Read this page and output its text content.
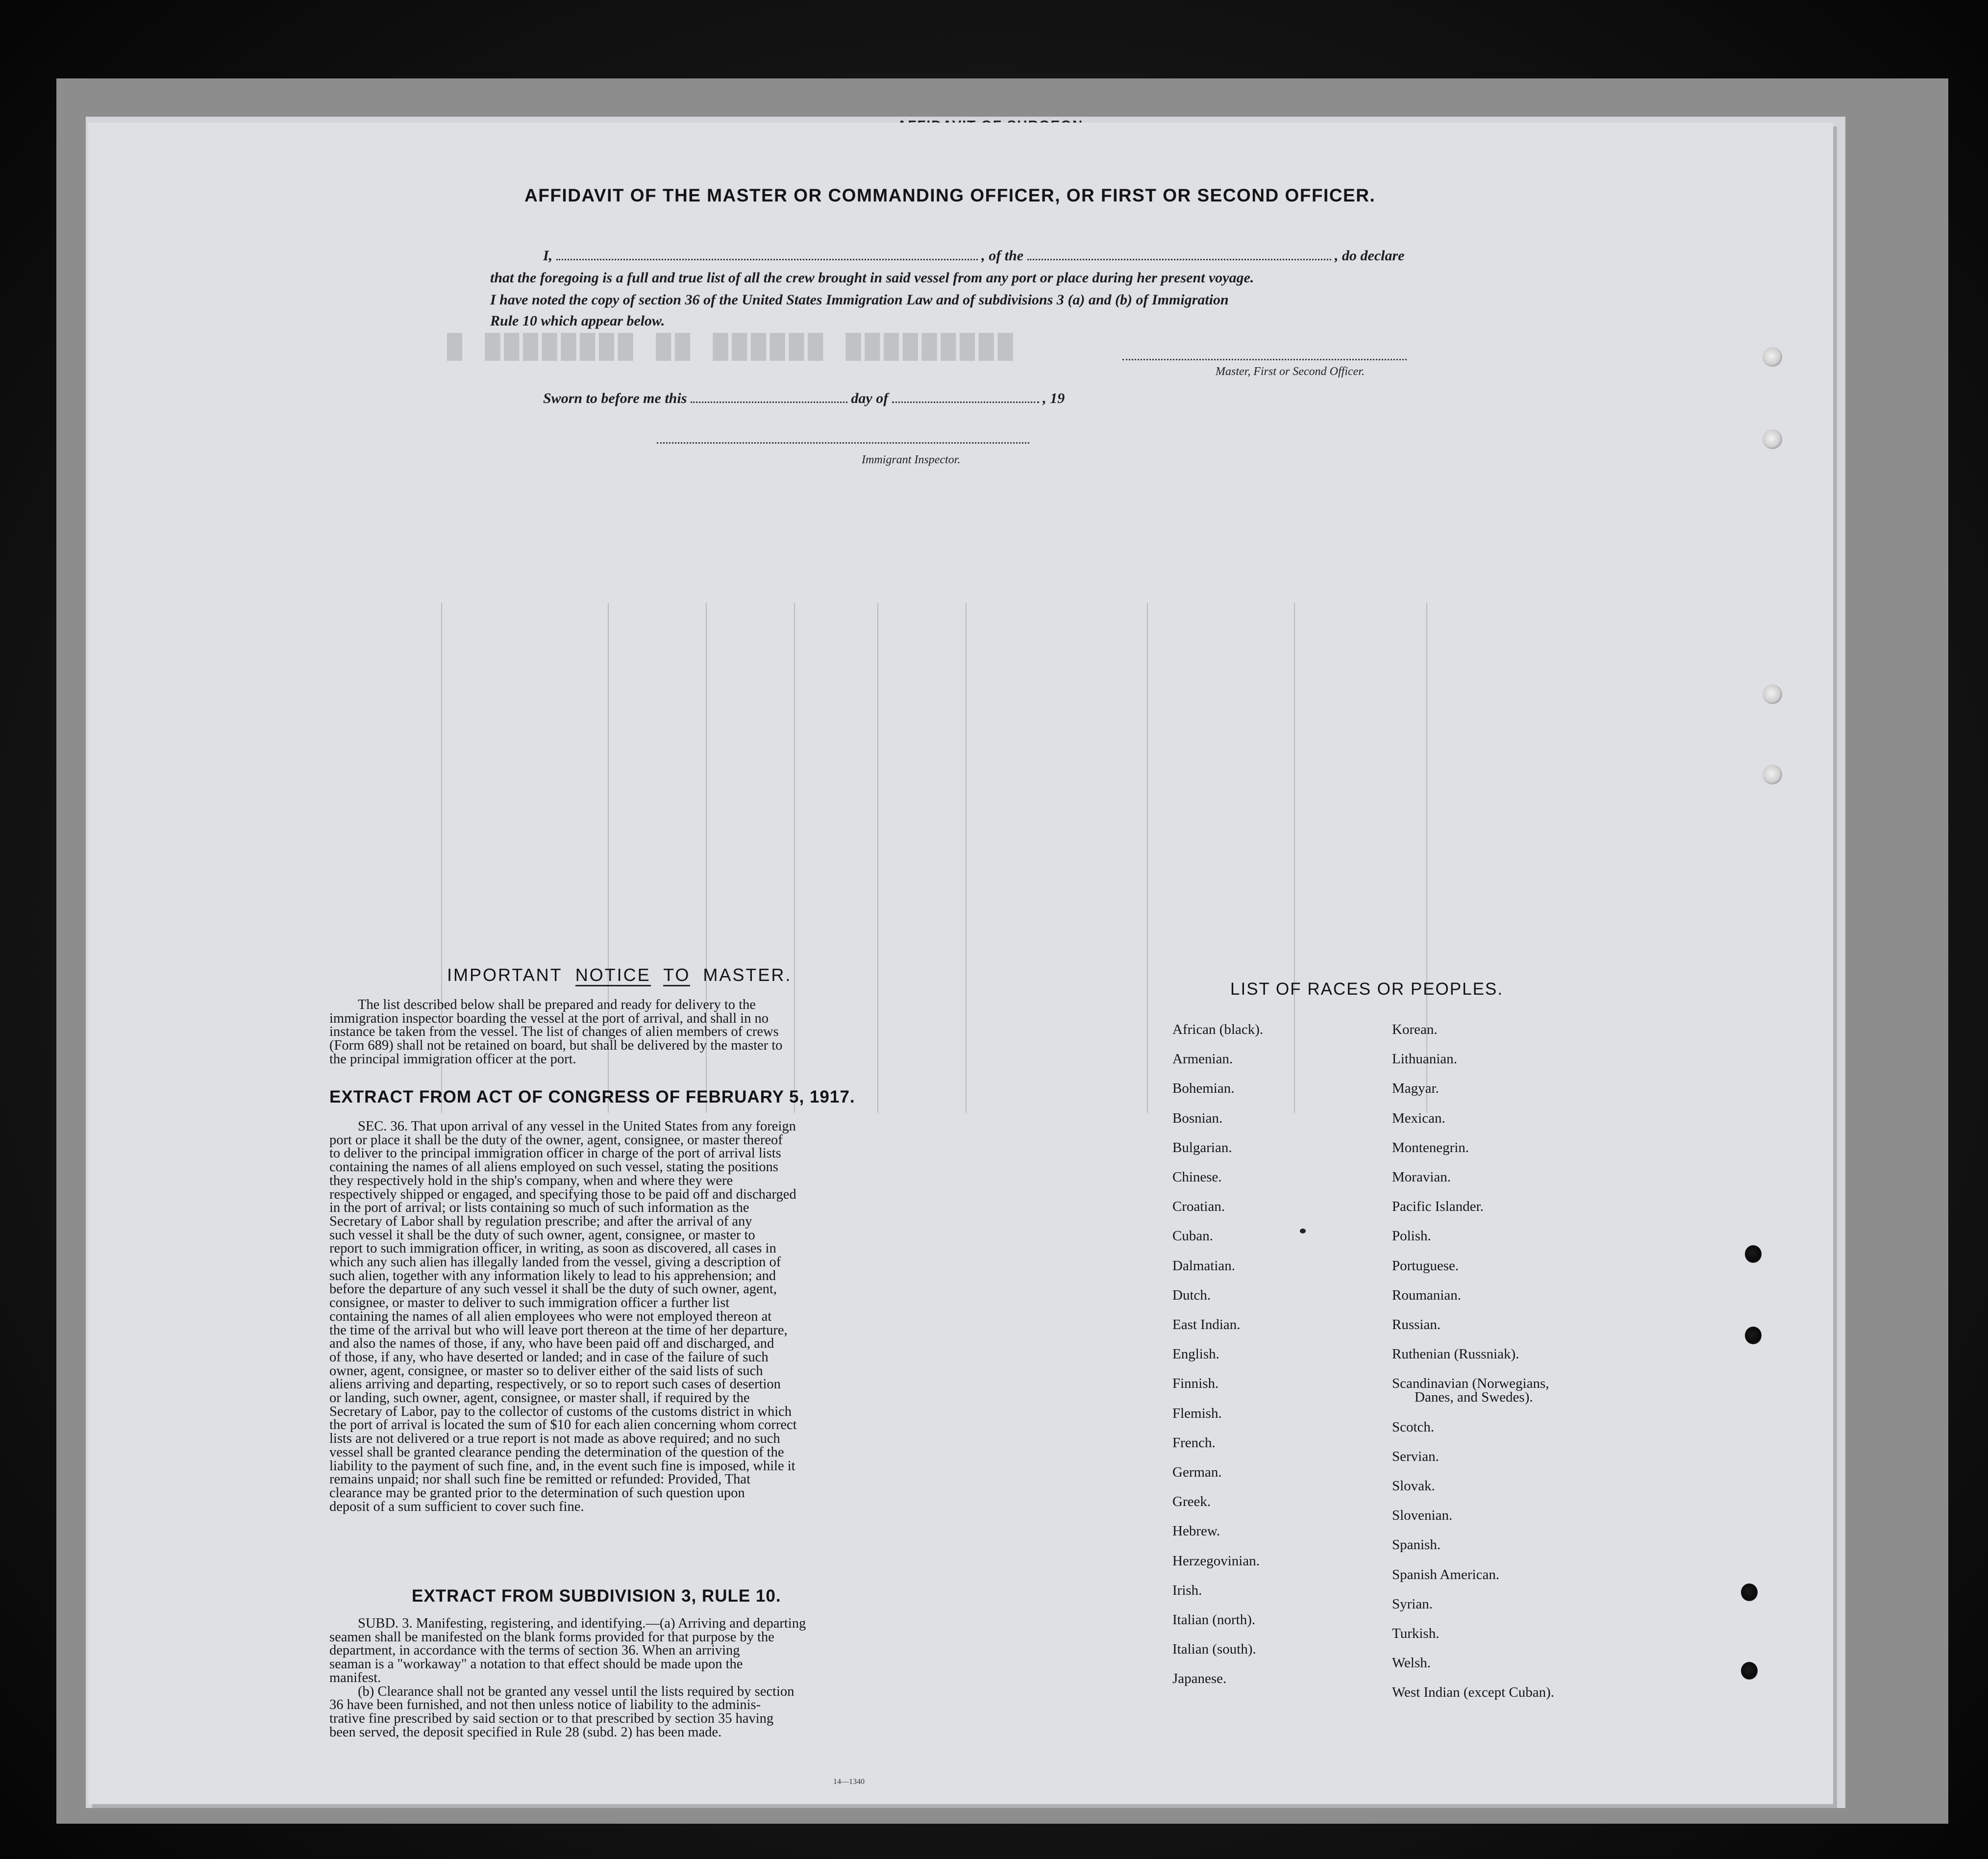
█ ████████ ██ ██████ █████████
AFFIDAVIT OF THE MASTER OR COMMANDING OFFICER, OR FIRST OR SECOND OFFICER.
I,	, of the	, do declare
that the foregoing is a full and true list of all the crew brought in said vessel from any port or place during her present voyage.
I have noted the copy of section 36 of the United States Immigration Law and of subdivisions 3 (a) and (b) of Immigration
Rule 10 which appear below.
Master, First or Second Officer.
Sworn to before me this	day of	, 19
Immigrant Inspector.
IMPORTANT NOTICE TO MASTER.
The list described below shall be prepared and ready for delivery to the
immigration inspector boarding the vessel at the port of arrival, and shall in no
instance be taken from the vessel. The list of changes of alien members of crews
(Form 689) shall not be retained on board, but shall be delivered by the master to
the principal immigration officer at the port.
EXTRACT FROM ACT OF CONGRESS OF FEBRUARY 5, 1917.
SEC. 36. That upon arrival of any vessel in the United States from any foreign
port or place it shall be the duty of the owner, agent, consignee, or master thereof
to deliver to the principal immigration officer in charge of the port of arrival lists
containing the names of all aliens employed on such vessel, stating the positions
they respectively hold in the ship's company, when and where they were
respectively shipped or engaged, and specifying those to be paid off and discharged
in the port of arrival; or lists containing so much of such information as the
Secretary of Labor shall by regulation prescribe; and after the arrival of any
such vessel it shall be the duty of such owner, agent, consignee, or master to
report to such immigration officer, in writing, as soon as discovered, all cases in
which any such alien has illegally landed from the vessel, giving a description of
such alien, together with any information likely to lead to his apprehension; and
before the departure of any such vessel it shall be the duty of such owner, agent,
consignee, or master to deliver to such immigration officer a further list
containing the names of all alien employees who were not employed thereon at
the time of the arrival but who will leave port thereon at the time of her departure,
and also the names of those, if any, who have been paid off and discharged, and
of those, if any, who have deserted or landed; and in case of the failure of such
owner, agent, consignee, or master so to deliver either of the said lists of such
aliens arriving and departing, respectively, or so to report such cases of desertion
or landing, such owner, agent, consignee, or master shall, if required by the
Secretary of Labor, pay to the collector of customs of the customs district in which
the port of arrival is located the sum of $10 for each alien concerning whom correct
lists are not delivered or a true report is not made as above required; and no such
vessel shall be granted clearance pending the determination of the question of the
liability to the payment of such fine, and, in the event such fine is imposed, while it
remains unpaid; nor shall such fine be remitted or refunded: Provided, That
clearance may be granted prior to the determination of such question upon
deposit of a sum sufficient to cover such fine.
EXTRACT FROM SUBDIVISION 3, RULE 10.
SUBD. 3. Manifesting, registering, and identifying.—(a) Arriving and departing
seamen shall be manifested on the blank forms provided for that purpose by the
department, in accordance with the terms of section 36. When an arriving
seaman is a "workaway" a notation to that effect should be made upon the
manifest.
(b) Clearance shall not be granted any vessel until the lists required by section
36 have been furnished, and not then unless notice of liability to the adminis-
trative fine prescribed by said section or to that prescribed by section 35 having
been served, the deposit specified in Rule 28 (subd. 2) has been made.
14—1340
LIST OF RACES OR PEOPLES.
African (black).
Armenian.
Bohemian.
Bosnian.
Bulgarian.
Chinese.
Croatian.
Cuban.
Dalmatian.
Dutch.
East Indian.
English.
Finnish.
Flemish.
French.
German.
Greek.
Hebrew.
Herzegovinian.
Irish.
Italian (north).
Italian (south).
Japanese.
Korean.
Lithuanian.
Magyar.
Mexican.
Montenegrin.
Moravian.
Pacific Islander.
Polish.
Portuguese.
Roumanian.
Russian.
Ruthenian (Russniak).
Scandinavian (Norwegians,
Danes, and Swedes).
Scotch.
Servian.
Slovak.
Slovenian.
Spanish.
Spanish American.
Syrian.
Turkish.
Welsh.
West Indian (except Cuban).
